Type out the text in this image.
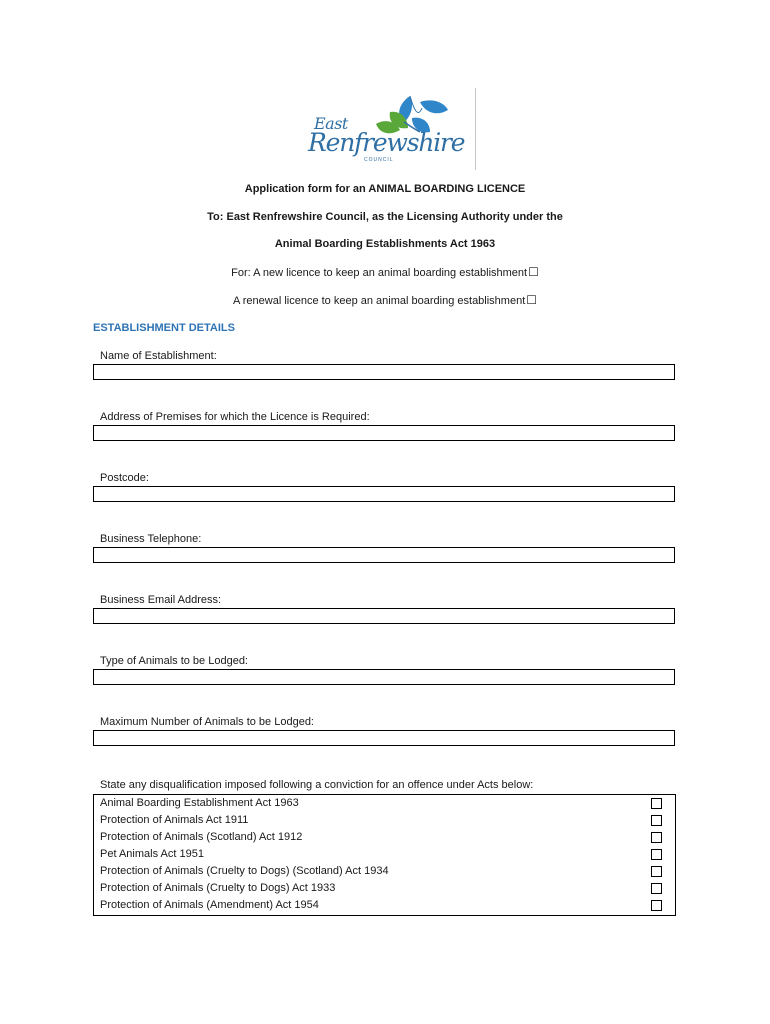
East
Renfrewshire
COUNCIL
Application form for an ANIMAL BOARDING LICENCE
To: East Renfrewshire Council, as the Licensing Authority under the
Animal Boarding Establishments Act 1963
For: A new licence to keep an animal boarding establishment☐
A renewal licence to keep an animal boarding establishment☐
ESTABLISHMENT DETAILS
Name of Establishment:
Address of Premises for which the Licence is Required:
Postcode:
Business Telephone:
Business Email Address:
Type of Animals to be Lodged:
Maximum Number of Animals to be Lodged:
State any disqualification imposed following a conviction for an offence under Acts below:
Animal Boarding Establishment Act 1963
Protection of Animals Act 1911
Protection of Animals (Scotland) Act 1912
Pet Animals Act 1951
Protection of Animals (Cruelty to Dogs) (Scotland) Act 1934
Protection of Animals (Cruelty to Dogs) Act 1933
Protection of Animals (Amendment) Act 1954
